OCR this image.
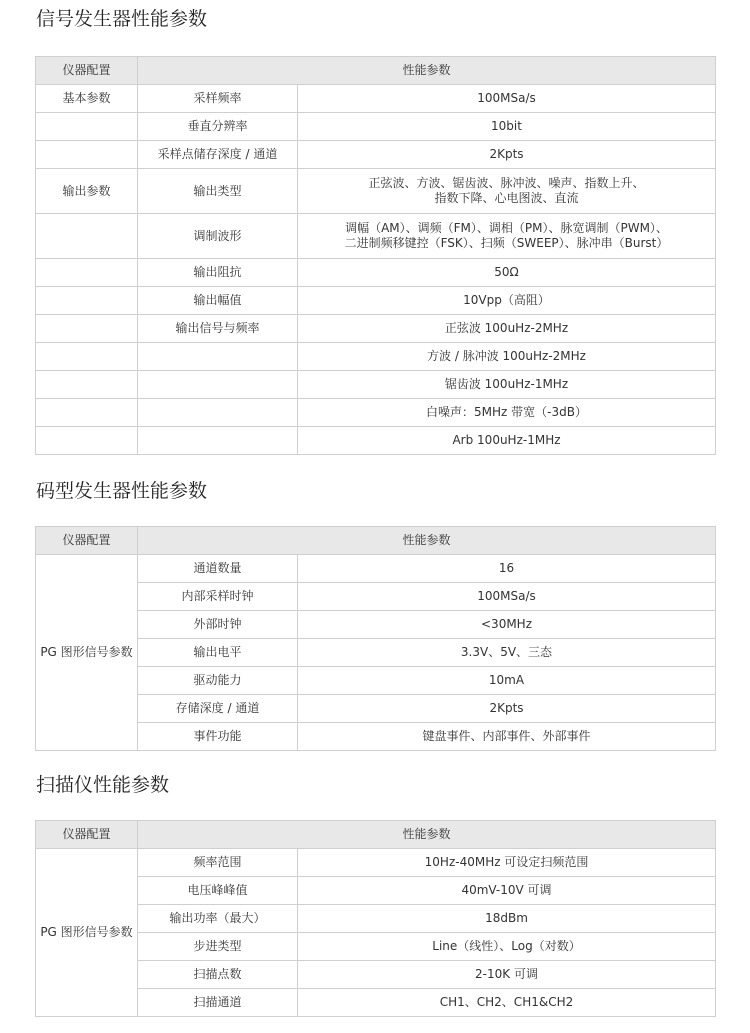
信号发生器性能参数
仪器配置	性能参数	
基本参数	采样频率	100MSa/s
	垂直分辨率	10bit
	采样点储存深度 / 通道	2Kpts
输出参数	输出类型	正弦波、方波、锯齿波、脉冲波、噪声、指数上升、
指数下降、心电图波、直流

	调制波形	调幅（AM）、调频（FM）、调相（PM）、脉宽调制（PWM）、
二进制频移键控（FSK）、扫频（SWEEP）、脉冲串（Burst）

	输出阻抗	50Ω
	输出幅值	10Vpp（高阻）
	输出信号与频率	正弦波 100uHz-2MHz
		方波 / 脉冲波 100uHz-2MHz
		锯齿波 100uHz-1MHz
		白噪声：5MHz 带宽（-3dB）
		Arb 100uHz-1MHz
码型发生器性能参数
仪器配置	性能参数	
PG 图形信号参数	通道数量	16
	内部采样时钟	100MSa/s
	外部时钟	<30MHz
	输出电平	3.3V、5V、三态
	驱动能力	10mA
	存储深度 / 通道	2Kpts
	事件功能	键盘事件、内部事件、外部事件
扫描仪性能参数
仪器配置	性能参数	
PG 图形信号参数	频率范围	10Hz-40MHz 可设定扫频范围
	电压峰峰值	40mV-10V 可调
	输出功率（最大）	18dBm
	步进类型	Line（线性）、Log（对数）
	扫描点数	2-10K 可调
	扫描通道	CH1、CH2、CH1&CH2
